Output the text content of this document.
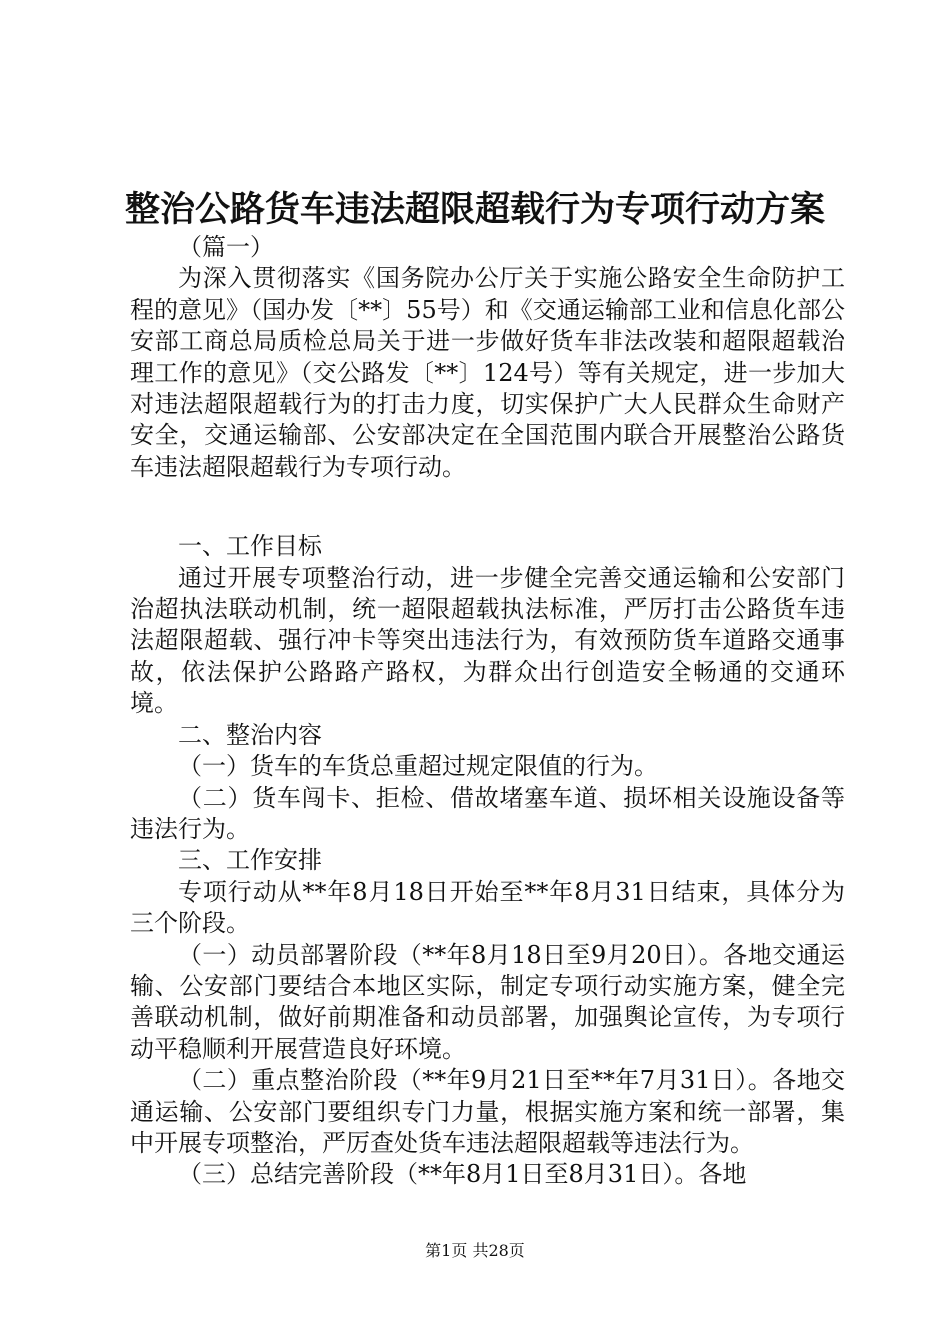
整治公路货车违法超限超载行为专项行动方案

（篇一）

为深入贯彻落实《国务院办公厅关于实施公路安全生命防护工程的意见》（国办发〔**〕55号）和《交通运输部工业和信息化部公安部工商总局质检总局关于进一步做好货车非法改装和超限超载治理工作的意见》（交公路发〔**〕124号）等有关规定，进一步加大对违法超限超载行为的打击力度，切实保护广大人民群众生命财产安全，交通运输部、公安部决定在全国范围内联合开展整治公路货车违法超限超载行为专项行动。

一、工作目标

通过开展专项整治行动，进一步健全完善交通运输和公安部门治超执法联动机制，统一超限超载执法标准，严厉打击公路货车违法超限超载、强行冲卡等突出违法行为，有效预防货车道路交通事故，依法保护公路路产路权，为群众出行创造安全畅通的交通环境。

二、整治内容

（一）货车的车货总重超过规定限值的行为。

（二）货车闯卡、拒检、借故堵塞车道、损坏相关设施设备等违法行为。

三、工作安排

专项行动从**年8月18日开始至**年8月31日结束，具体分为三个阶段。

（一）动员部署阶段（**年8月18日至9月20日）。各地交通运输、公安部门要结合本地区实际，制定专项行动实施方案，健全完善联动机制，做好前期准备和动员部署，加强舆论宣传，为专项行动平稳顺利开展营造良好环境。

（二）重点整治阶段（**年9月21日至**年7月31日）。各地交通运输、公安部门要组织专门力量，根据实施方案和统一部署，集中开展专项整治，严厉查处货车违法超限超载等违法行为。

（三）总结完善阶段（**年8月1日至8月31日）。各地

第1页 共28页
